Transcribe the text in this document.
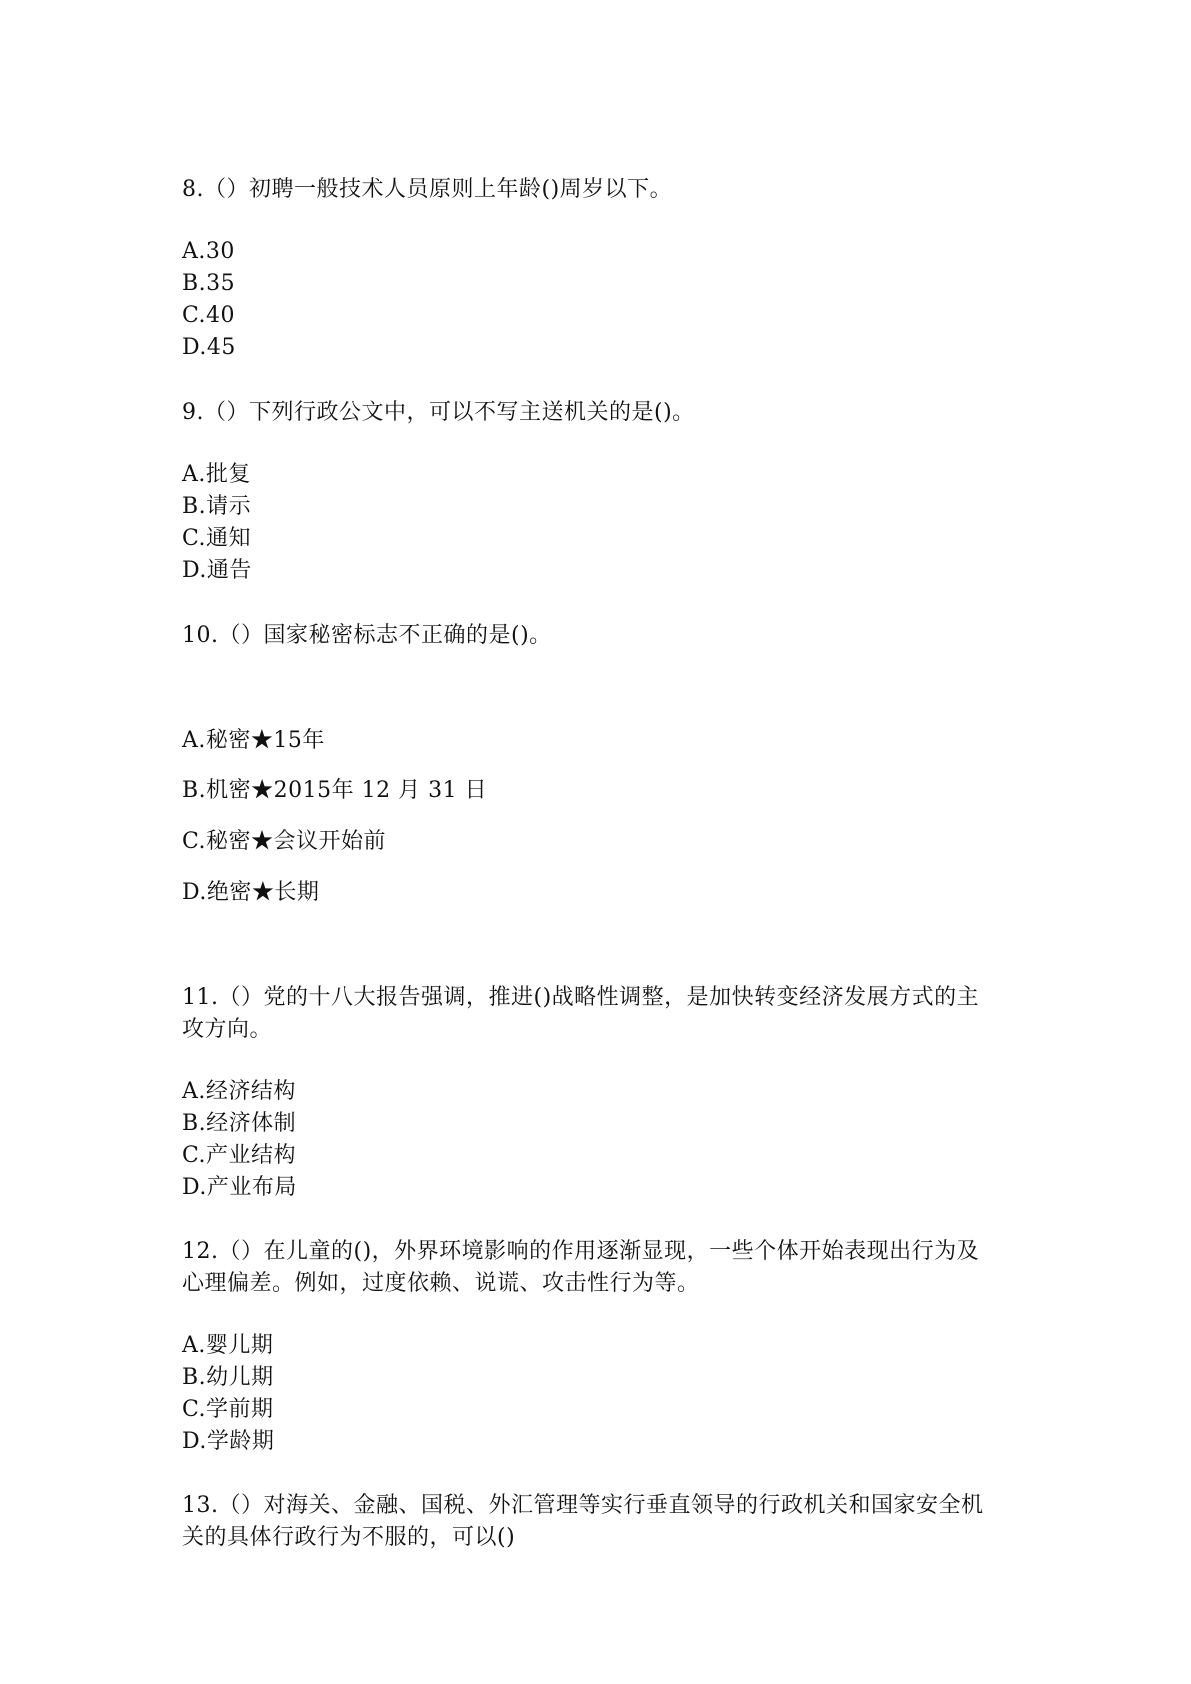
8.（）初聘一般技术人员原则上年龄()周岁以下。
A.30
B.35
C.40
D.45
9.（）下列行政公文中，可以不写主送机关的是()。
A.批复
B.请示
C.通知
D.通告
10.（）国家秘密标志不正确的是()。
A.秘密★15年
B.机密★2015年 12 月 31 日
C.秘密★会议开始前
D.绝密★长期
11.（）党的十八大报告强调，推进()战略性调整，是加快转变经济发展方式的主
攻方向。
A.经济结构
B.经济体制
C.产业结构
D.产业布局
12.（）在儿童的()，外界环境影响的作用逐渐显现，一些个体开始表现出行为及
心理偏差。例如，过度依赖、说谎、攻击性行为等。
A.婴儿期
B.幼儿期
C.学前期
D.学龄期
13.（）对海关、金融、国税、外汇管理等实行垂直领导的行政机关和国家安全机
关的具体行政行为不服的，可以()
